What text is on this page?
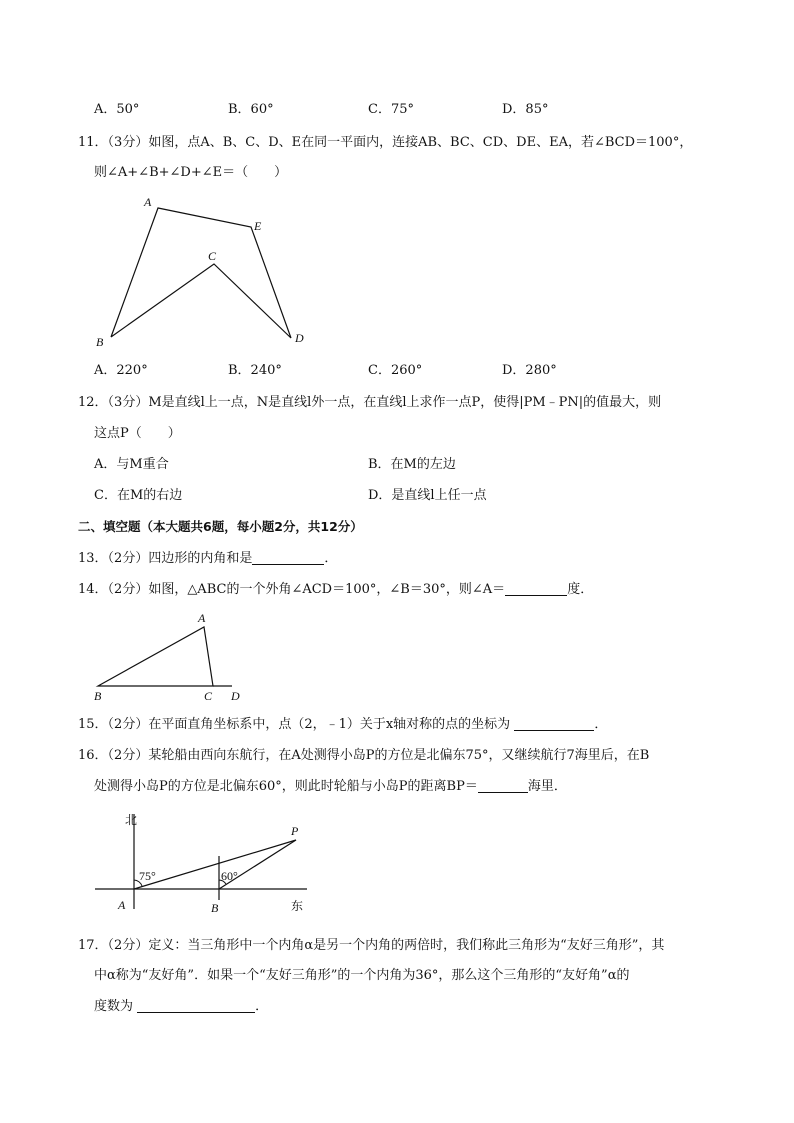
A．50°	B．60°	C．75°	D．85°
11．（3分）如图，点A、B、C、D、E在同一平面内，连接AB、BC、CD、DE、EA，若∠BCD＝100°，
则∠A+∠B+∠D+∠E＝（　　）
A
E
C
B	D
A．220°	B．240°	C．260°	D．280°
12．（3分）M是直线l上一点，N是直线l外一点，在直线l上求作一点P，使得|PM﹣PN|的值最大，则
这点P（　　）
A．与M重合	B．在M的左边
C．在M的右边	D．是直线l上任一点
二、填空题（本大题共6题，每小题2分，共12分）
13．（2分）四边形的内角和是	．
14．（2分）如图，△ABC的一个外角∠ACD＝100°，∠B＝30°，则∠A＝	度．
A
B	C D
15．（2分）在平面直角坐标系中，点（2，﹣1）关于x轴对称的点的坐标为	．
16．（2分）某轮船由西向东航行，在A处测得小岛P的方位是北偏东75°，又继续航行7海里后，在B
处测得小岛P的方位是北偏东60°，则此时轮船与小岛P的距离BP＝	海里．
北
75°	60°
P
A	B	东
17．（2分）定义：当三角形中一个内角α是另一个内角的两倍时，我们称此三角形为“友好三角形”，其
中α称为“友好角”．如果一个“友好三角形”的一个内角为36°，那么这个三角形的“友好角”α的
度数为	．
